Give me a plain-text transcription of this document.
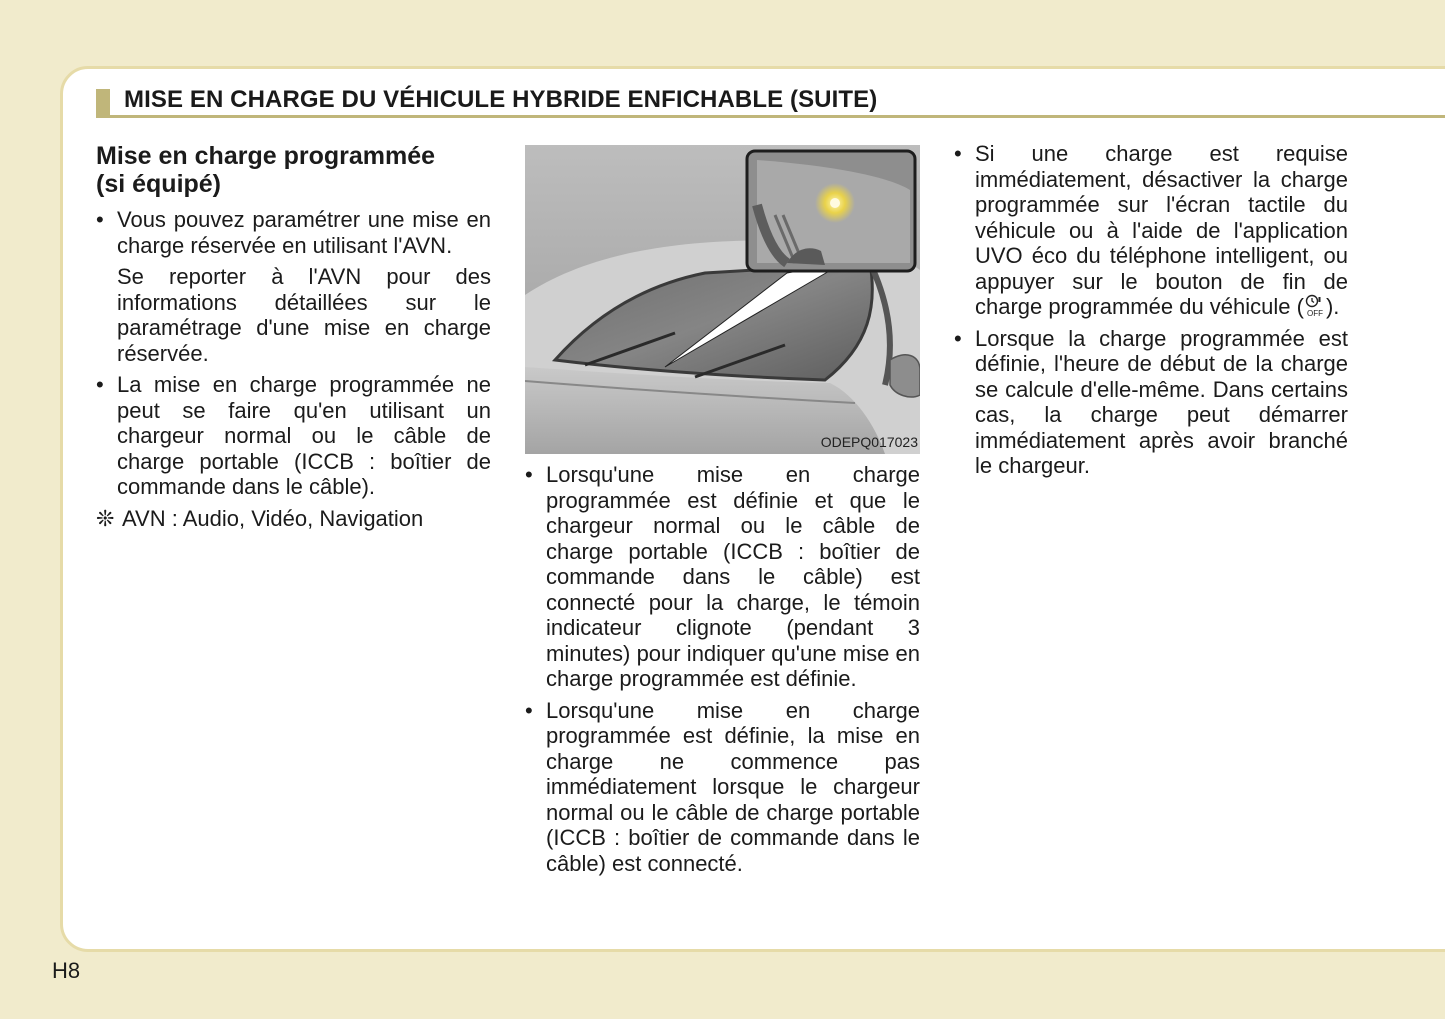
MISE EN CHARGE DU VÉHICULE HYBRIDE ENFICHABLE (SUITE)
Mise en charge programmée
(si équipé)
• Vous pouvez paramétrer une mise en charge réservée en utilisant l'AVN.
Se reporter à l'AVN pour des informations détaillées sur le paramétrage d'une mise en charge réservée.
• La mise en charge programmée ne peut se faire qu'en utilisant un chargeur normal ou le câble de charge portable (ICCB : boîtier de commande dans le câble).
❊ AVN : Audio, Vidéo, Navigation
ODEPQ017023
• Lorsqu'une mise en charge programmée est définie et que le chargeur normal ou le câble de charge portable (ICCB : boîtier de commande dans le câble) est connecté pour la charge, le témoin indicateur clignote (pendant 3 minutes) pour indiquer qu'une mise en charge programmée est définie.
• Lorsqu'une mise en charge programmée est définie, la mise en charge ne commence pas immédiatement lorsque le chargeur normal ou le câble de charge portable (ICCB : boîtier de commande dans le câble) est connecté.
• Si une charge est requise immédiatement, désactiver la charge programmée sur l'écran tactile du véhicule ou à l'aide de l'application UVO éco du téléphone intelligent, ou appuyer sur le bouton de fin de charge programmée du véhicule ( OFF ).
• Lorsque la charge programmée est définie, l'heure de début de la charge se calcule d'elle-même. Dans certains cas, la charge peut démarrer immédiatement après avoir branché le chargeur.
H8
